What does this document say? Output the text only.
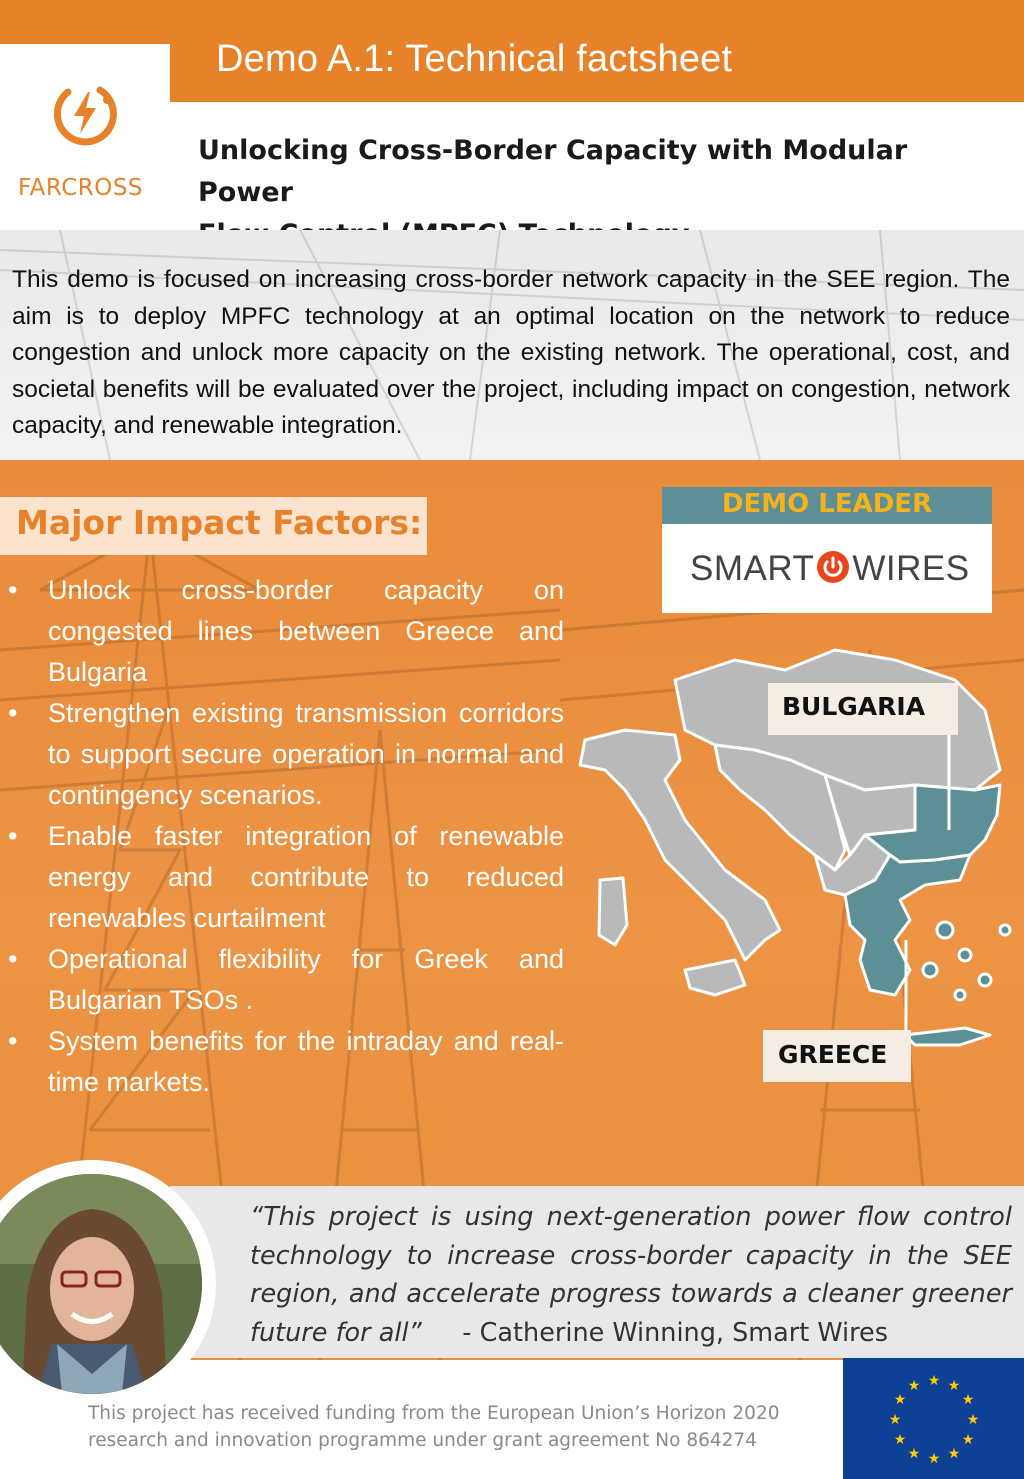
Demo A.1: Technical factsheet
FARCROSS
Unlocking Cross-Border Capacity with Modular Power
This demo is focused on increasing cross-border network capacity in the SEE region. The aim is to deploy MPFC technology at an optimal location on the network to reduce congestion and unlock more capacity on the existing network. The operational, cost, and societal benefits will be evaluated over the project, including impact on congestion, network capacity, and renewable integration.
Major Impact Factors:
• Unlock cross-border capacity on congested lines between Greece and Bulgaria
• Strengthen existing transmission corridors to support secure operation in normal and contingency scenarios.
• Enable faster integration of renewable energy and contribute to reduced renewables curtailment
• Operational flexibility for Greek and Bulgarian TSOs .
• System benefits for the intraday and real-time markets.
DEMO LEADER
SMART WIRES
BULGARIA
GREECE
“This project is using next-generation power flow control technology to increase cross-border capacity in the SEE region, and accelerate progress towards a cleaner greener future for all” - Catherine Winning, Smart Wires
This project has received funding from the European Union’s Horizon 2020
research and innovation programme under grant agreement No 864274
★ ★
★
★
★
★
★
★
★
★
★
★
